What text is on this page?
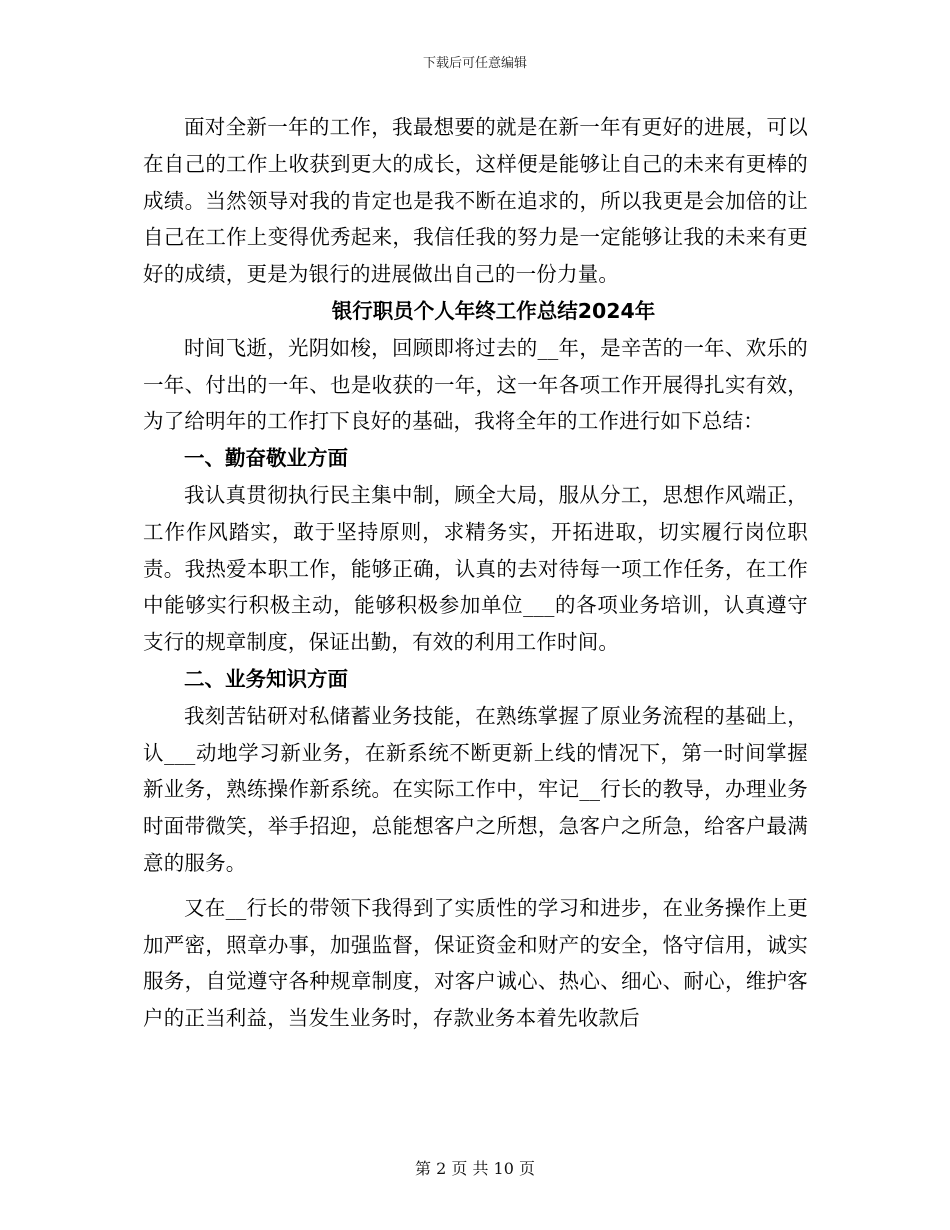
下载后可任意编辑

面对全新一年的工作，我最想要的就是在新一年有更好的进展，可以在自己的工作上收获到更大的成长，这样便是能够让自己的未来有更棒的成绩。当然领导对我的肯定也是我不断在追求的，所以我更是会加倍的让自己在工作上变得优秀起来，我信任我的努力是一定能够让我的未来有更好的成绩，更是为银行的进展做出自己的一份力量。

银行职员个人年终工作总结2024年

时间飞逝，光阴如梭，回顾即将过去的__年，是辛苦的一年、欢乐的一年、付出的一年、也是收获的一年，这一年各项工作开展得扎实有效，为了给明年的工作打下良好的基础，我将全年的工作进行如下总结：

一、勤奋敬业方面

我认真贯彻执行民主集中制，顾全大局，服从分工，思想作风端正，工作作风踏实，敢于坚持原则，求精务实，开拓进取，切实履行岗位职责。我热爱本职工作，能够正确，认真的去对待每一项工作任务，在工作中能够实行积极主动，能够积极参加单位___的各项业务培训，认真遵守支行的规章制度，保证出勤，有效的利用工作时间。

二、业务知识方面

我刻苦钻研对私储蓄业务技能，在熟练掌握了原业务流程的基础上，认___动地学习新业务，在新系统不断更新上线的情况下，第一时间掌握新业务，熟练操作新系统。在实际工作中，牢记__行长的教导，办理业务时面带微笑，举手招迎，总能想客户之所想，急客户之所急，给客户最满意的服务。

又在__行长的带领下我得到了实质性的学习和进步，在业务操作上更加严密，照章办事，加强监督，保证资金和财产的安全，恪守信用，诚实服务，自觉遵守各种规章制度，对客户诚心、热心、细心、耐心，维护客户的正当利益，当发生业务时，存款业务本着先收款后

第 2 页 共 10 页
